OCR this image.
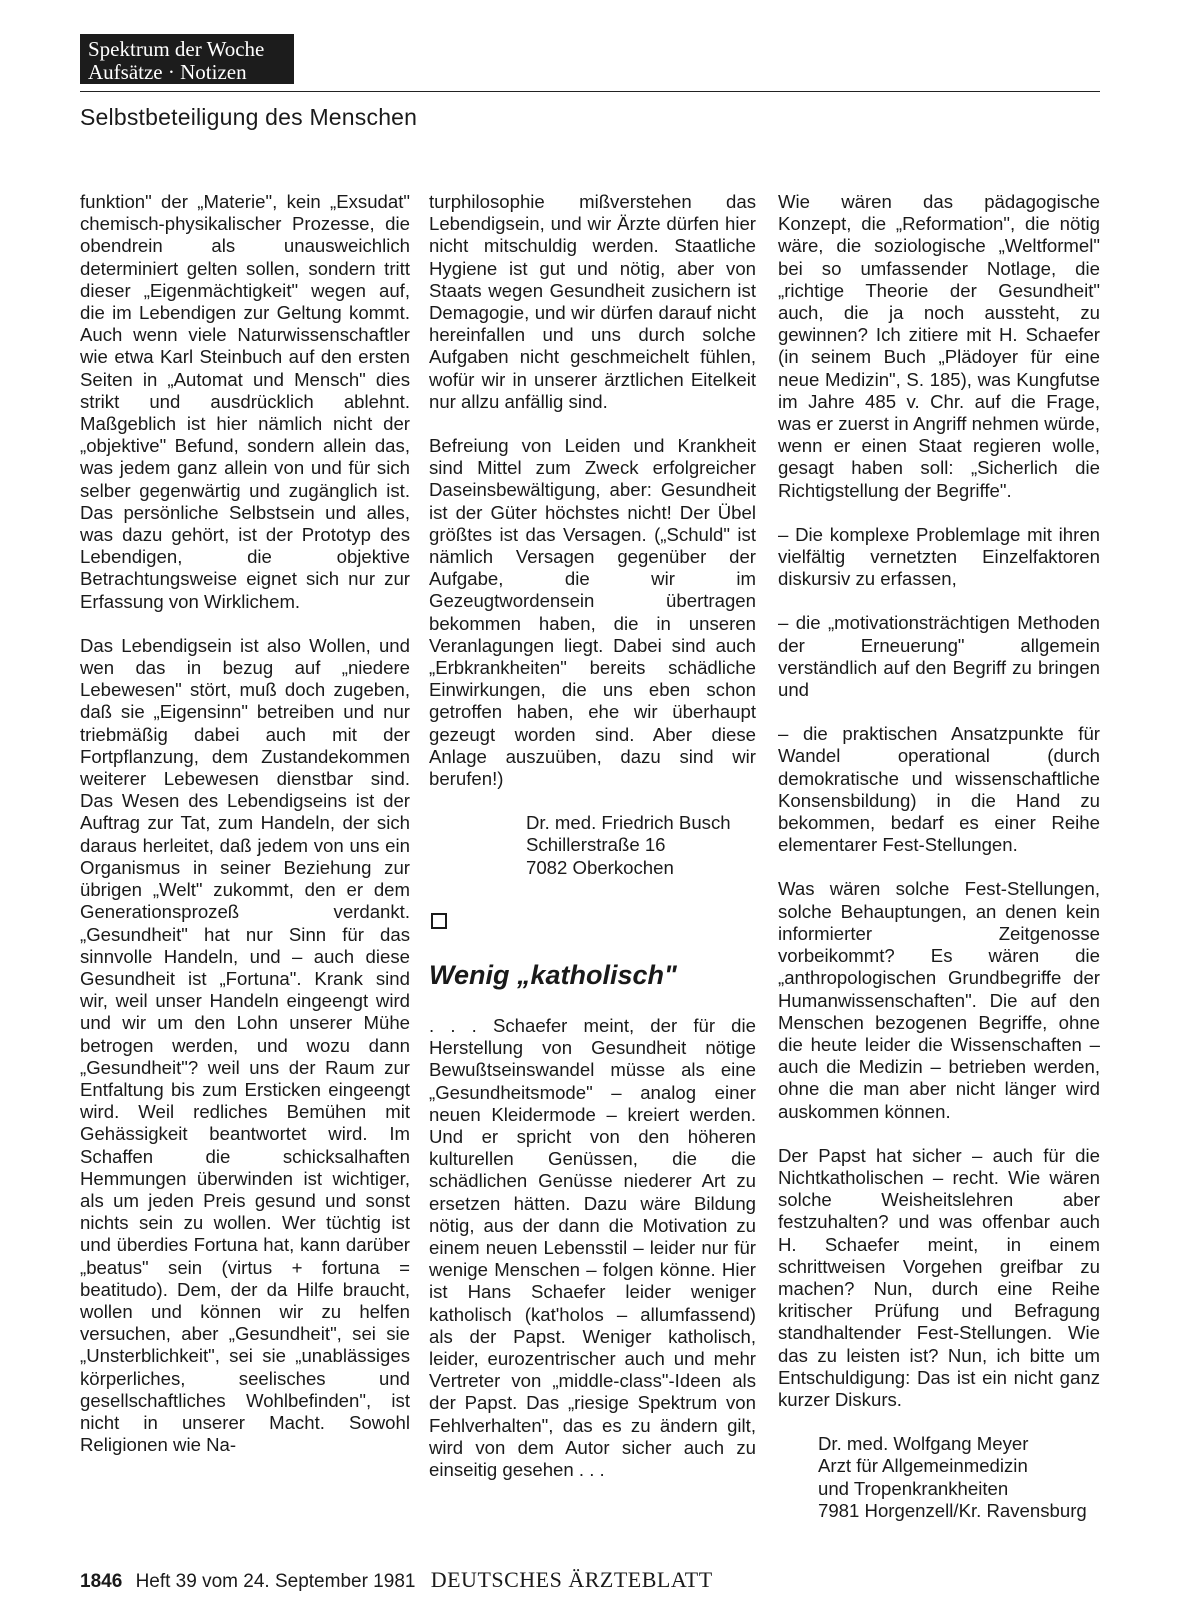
Spektrum der Woche
Aufsätze · Notizen
Selbstbeteiligung des Menschen

funktion" der „Materie", kein „Exsudat" chemisch-physikalischer Prozesse, die obendrein als unausweichlich determiniert gelten sollen, sondern tritt dieser „Eigenmächtigkeit" wegen auf, die im Lebendigen zur Geltung kommt. Auch wenn viele Naturwissenschaftler wie etwa Karl Steinbuch auf den ersten Seiten in „Automat und Mensch" dies strikt und ausdrücklich ablehnt. Maßgeblich ist hier nämlich nicht der „objektive" Befund, sondern allein das, was jedem ganz allein von und für sich selber gegenwärtig und zugänglich ist. Das persönliche Selbstsein und alles, was dazu gehört, ist der Prototyp des Lebendigen, die objektive Betrachtungsweise eignet sich nur zur Erfassung von Wirklichem.

Das Lebendigsein ist also Wollen, und wen das in bezug auf „niedere Lebewesen" stört, muß doch zugeben, daß sie „Eigensinn" betreiben und nur triebmäßig dabei auch mit der Fortpflanzung, dem Zustandekommen weiterer Lebewesen dienstbar sind. Das Wesen des Lebendigseins ist der Auftrag zur Tat, zum Handeln, der sich daraus herleitet, daß jedem von uns ein Organismus in seiner Beziehung zur übrigen „Welt" zukommt, den er dem Generationsprozeß verdankt. „Gesundheit" hat nur Sinn für das sinnvolle Handeln, und – auch diese Gesundheit ist „Fortuna". Krank sind wir, weil unser Handeln eingeengt wird und wir um den Lohn unserer Mühe betrogen werden, und wozu dann „Gesundheit"? weil uns der Raum zur Entfaltung bis zum Ersticken eingeengt wird. Weil redliches Bemühen mit Gehässigkeit beantwortet wird. Im Schaffen die schicksalhaften Hemmungen überwinden ist wichtiger, als um jeden Preis gesund und sonst nichts sein zu wollen. Wer tüchtig ist und überdies Fortuna hat, kann darüber „beatus" sein (virtus + fortuna = beatitudo). Dem, der da Hilfe braucht, wollen und können wir zu helfen versuchen, aber „Gesundheit", sei sie „Unsterblichkeit", sei sie „unablässiges körperliches, seelisches und gesellschaftliches Wohlbefinden", ist nicht in unserer Macht. Sowohl Religionen wie Na-

turphilosophie mißverstehen das Lebendigsein, und wir Ärzte dürfen hier nicht mitschuldig werden. Staatliche Hygiene ist gut und nötig, aber von Staats wegen Gesundheit zusichern ist Demagogie, und wir dürfen darauf nicht hereinfallen und uns durch solche Aufgaben nicht geschmeichelt fühlen, wofür wir in unserer ärztlichen Eitelkeit nur allzu anfällig sind.

Befreiung von Leiden und Krankheit sind Mittel zum Zweck erfolgreicher Daseinsbewältigung, aber: Gesundheit ist der Güter höchstes nicht! Der Übel größtes ist das Versagen. („Schuld" ist nämlich Versagen gegenüber der Aufgabe, die wir im Gezeugtwordensein übertragen bekommen haben, die in unseren Veranlagungen liegt. Dabei sind auch „Erbkrankheiten" bereits schädliche Einwirkungen, die uns eben schon getroffen haben, ehe wir überhaupt gezeugt worden sind. Aber diese Anlage auszuüben, dazu sind wir berufen!)

Dr. med. Friedrich Busch
Schillerstraße 16
7082 Oberkochen
Wenig „katholisch"

. . . Schaefer meint, der für die Herstellung von Gesundheit nötige Bewußtseinswandel müsse als eine „Gesundheitsmode" – analog einer neuen Kleidermode – kreiert werden. Und er spricht von den höheren kulturellen Genüssen, die die schädlichen Genüsse niederer Art zu ersetzen hätten. Dazu wäre Bildung nötig, aus der dann die Motivation zu einem neuen Lebensstil – leider nur für wenige Menschen – folgen könne. Hier ist Hans Schaefer leider weniger katholisch (kat'holos – allumfassend) als der Papst. Weniger katholisch, leider, eurozentrischer auch und mehr Vertreter von „middle-class"-Ideen als der Papst. Das „riesige Spektrum von Fehlverhalten", das es zu ändern gilt, wird von dem Autor sicher auch zu einseitig gesehen . . .

Wie wären das pädagogische Konzept, die „Reformation", die nötig wäre, die soziologische „Weltformel" bei so umfassender Notlage, die „richtige Theorie der Gesundheit" auch, die ja noch aussteht, zu gewinnen? Ich zitiere mit H. Schaefer (in seinem Buch „Plädoyer für eine neue Medizin", S. 185), was Kungfutse im Jahre 485 v. Chr. auf die Frage, was er zuerst in Angriff nehmen würde, wenn er einen Staat regieren wolle, gesagt haben soll: „Sicherlich die Richtigstellung der Begriffe".

– Die komplexe Problemlage mit ihren vielfältig vernetzten Einzelfaktoren diskursiv zu erfassen,

– die „motivationsträchtigen Methoden der Erneuerung" allgemein verständlich auf den Begriff zu bringen und

– die praktischen Ansatzpunkte für Wandel operational (durch demokratische und wissenschaftliche Konsensbildung) in die Hand zu bekommen, bedarf es einer Reihe elementarer Fest-Stellungen.

Was wären solche Fest-Stellungen, solche Behauptungen, an denen kein informierter Zeitgenosse vorbeikommt? Es wären die „anthropologischen Grundbegriffe der Humanwissenschaften". Die auf den Menschen bezogenen Begriffe, ohne die heute leider die Wissenschaften – auch die Medizin – betrieben werden, ohne die man aber nicht länger wird auskommen können.

Der Papst hat sicher – auch für die Nichtkatholischen – recht. Wie wären solche Weisheitslehren aber festzuhalten? und was offenbar auch H. Schaefer meint, in einem schrittweisen Vorgehen greifbar zu machen? Nun, durch eine Reihe kritischer Prüfung und Befragung standhaltender Fest-Stellungen. Wie das zu leisten ist? Nun, ich bitte um Entschuldigung: Das ist ein nicht ganz kurzer Diskurs.

Dr. med. Wolfgang Meyer
Arzt für Allgemeinmedizin
und Tropenkrankheiten
7981 Horgenzell/Kr. Ravensburg
1846 Heft 39 vom 24. September 1981 DEUTSCHES ÄRZTEBLATT
